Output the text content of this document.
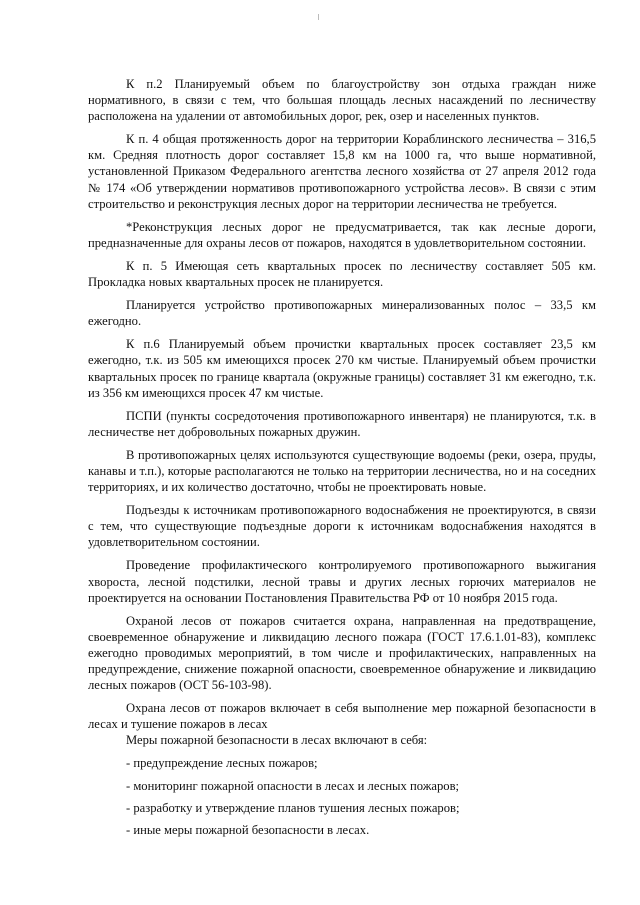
К п.2 Планируемый объем по благоустройству зон отдыха граждан ниже нормативного, в связи с тем, что большая площадь лесных насаждений по лесничеству расположена на удалении от автомобильных дорог, рек, озер и населенных пунктов.

К п. 4 общая протяженность дорог на территории Кораблинского лесничества – 316,5 км. Средняя плотность дорог составляет 15,8 км на 1000 га, что выше нормативной, установленной Приказом Федерального агентства лесного хозяйства от 27 апреля 2012 года № 174 «Об утверждении нормативов противопожарного устройства лесов». В связи с этим строительство и реконструкция лесных дорог на территории лесничества не требуется.

*Реконструкция лесных дорог не предусматривается, так как лесные дороги, предназначенные для охраны лесов от пожаров, находятся в удовлетворительном состоянии.

К п. 5 Имеющая сеть квартальных просек по лесничеству составляет 505 км. Прокладка новых квартальных просек не планируется.

Планируется устройство противопожарных минерализованных полос – 33,5 км ежегодно.

К п.6 Планируемый объем прочистки квартальных просек составляет 23,5 км ежегодно, т.к. из 505 км имеющихся просек 270 км чистые. Планируемый объем прочистки квартальных просек по границе квартала (окружные границы) составляет 31 км ежегодно, т.к. из 356 км имеющихся просек 47 км чистые.

ПСПИ (пункты сосредоточения противопожарного инвентаря) не планируются, т.к. в лесничестве нет добровольных пожарных дружин.

В противопожарных целях используются существующие водоемы (реки, озера, пруды, канавы и т.п.), которые располагаются не только на территории лесничества, но и на соседних территориях, и их количество достаточно, чтобы не проектировать новые.

Подъезды к источникам противопожарного водоснабжения не проектируются, в связи с тем, что существующие подъездные дороги к источникам водоснабжения находятся в удовлетворительном состоянии.

Проведение профилактического контролируемого противопожарного выжигания хвороста, лесной подстилки, лесной травы и других лесных горючих материалов не проектируется на основании Постановления Правительства РФ от 10 ноября 2015 года.

Охраной лесов от пожаров считается охрана, направленная на предотвращение, своевременное обнаружение и ликвидацию лесного пожара (ГОСТ 17.6.1.01-83), комплекс ежегодно проводимых мероприятий, в том числе и профилактических, направленных на предупреждение, снижение пожарной опасности, своевременное обнаружение и ликвидацию лесных пожаров (ОСТ 56-103-98).

Охрана лесов от пожаров включает в себя выполнение мер пожарной безопасности в лесах и тушение пожаров в лесах

Меры пожарной безопасности в лесах включают в себя:

- предупреждение лесных пожаров;
- мониторинг пожарной опасности в лесах и лесных пожаров;
- разработку и утверждение планов тушения лесных пожаров;
- иные меры пожарной безопасности в лесах.
